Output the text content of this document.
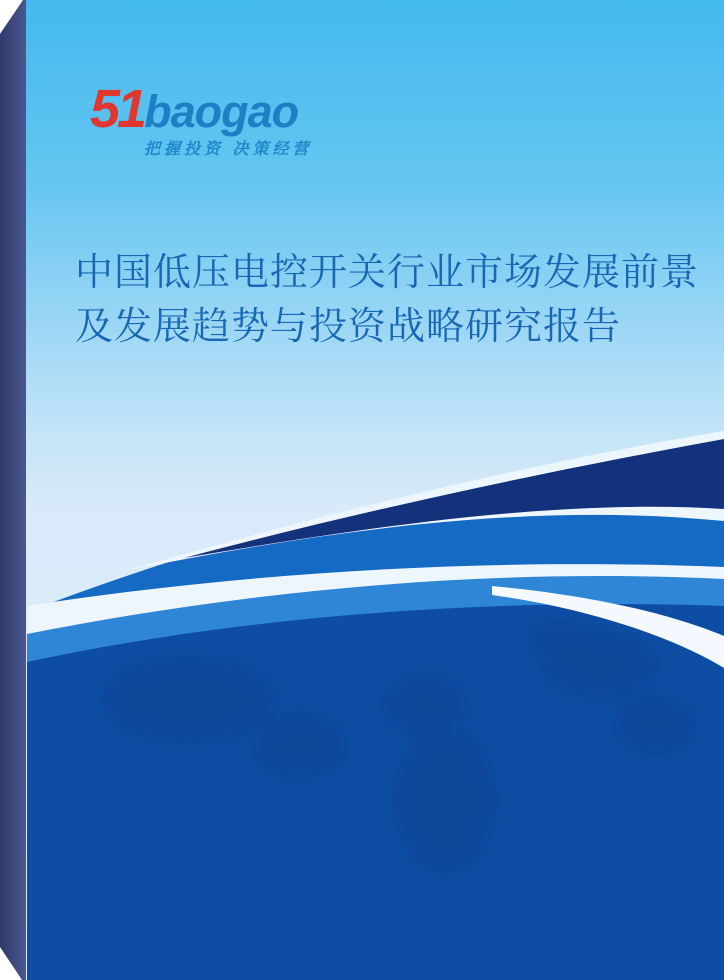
51baogao
把握投资 决策经营
中国低压电控开关行业市场发展前景
及发展趋势与投资战略研究报告
